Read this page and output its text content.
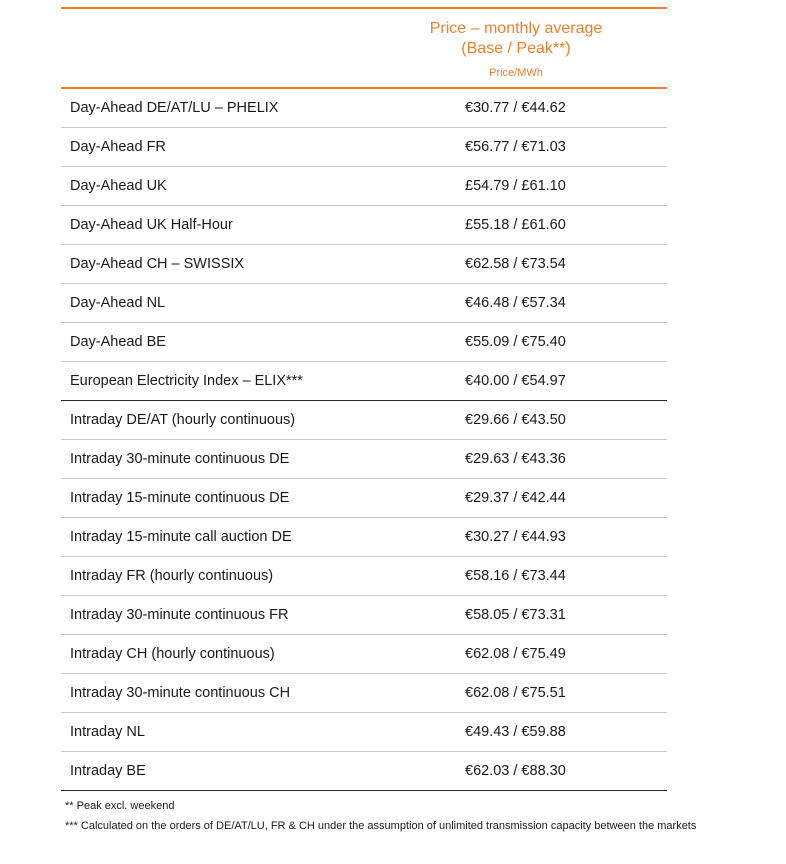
Price – monthly average
(Base / Peak**)
Price/MWh
Day-Ahead DE/AT/LU – PHELIX	€30.77 / €44.62
Day-Ahead FR	€56.77 / €71.03
Day-Ahead UK	£54.79 / £61.10
Day-Ahead UK Half-Hour	£55.18 / £61.60
Day-Ahead CH – SWISSIX	€62.58 / €73.54
Day-Ahead NL	€46.48 / €57.34
Day-Ahead BE	€55.09 / €75.40
European Electricity Index – ELIX***	€40.00 / €54.97
Intraday DE/AT (hourly continuous)	€29.66 / €43.50
Intraday 30-minute continuous DE	€29.63 / €43.36
Intraday 15-minute continuous DE	€29.37 / €42.44
Intraday 15-minute call auction DE	€30.27 / €44.93
Intraday FR (hourly continuous)	€58.16 / €73.44
Intraday 30-minute continuous FR	€58.05 / €73.31
Intraday CH (hourly continuous)	€62.08 / €75.49
Intraday 30-minute continuous CH	€62.08 / €75.51
Intraday NL	€49.43 / €59.88
Intraday BE	€62.03 / €88.30

** Peak excl. weekend

*** Calculated on the orders of DE/AT/LU, FR & CH under the assumption of unlimited transmission capacity between the markets
